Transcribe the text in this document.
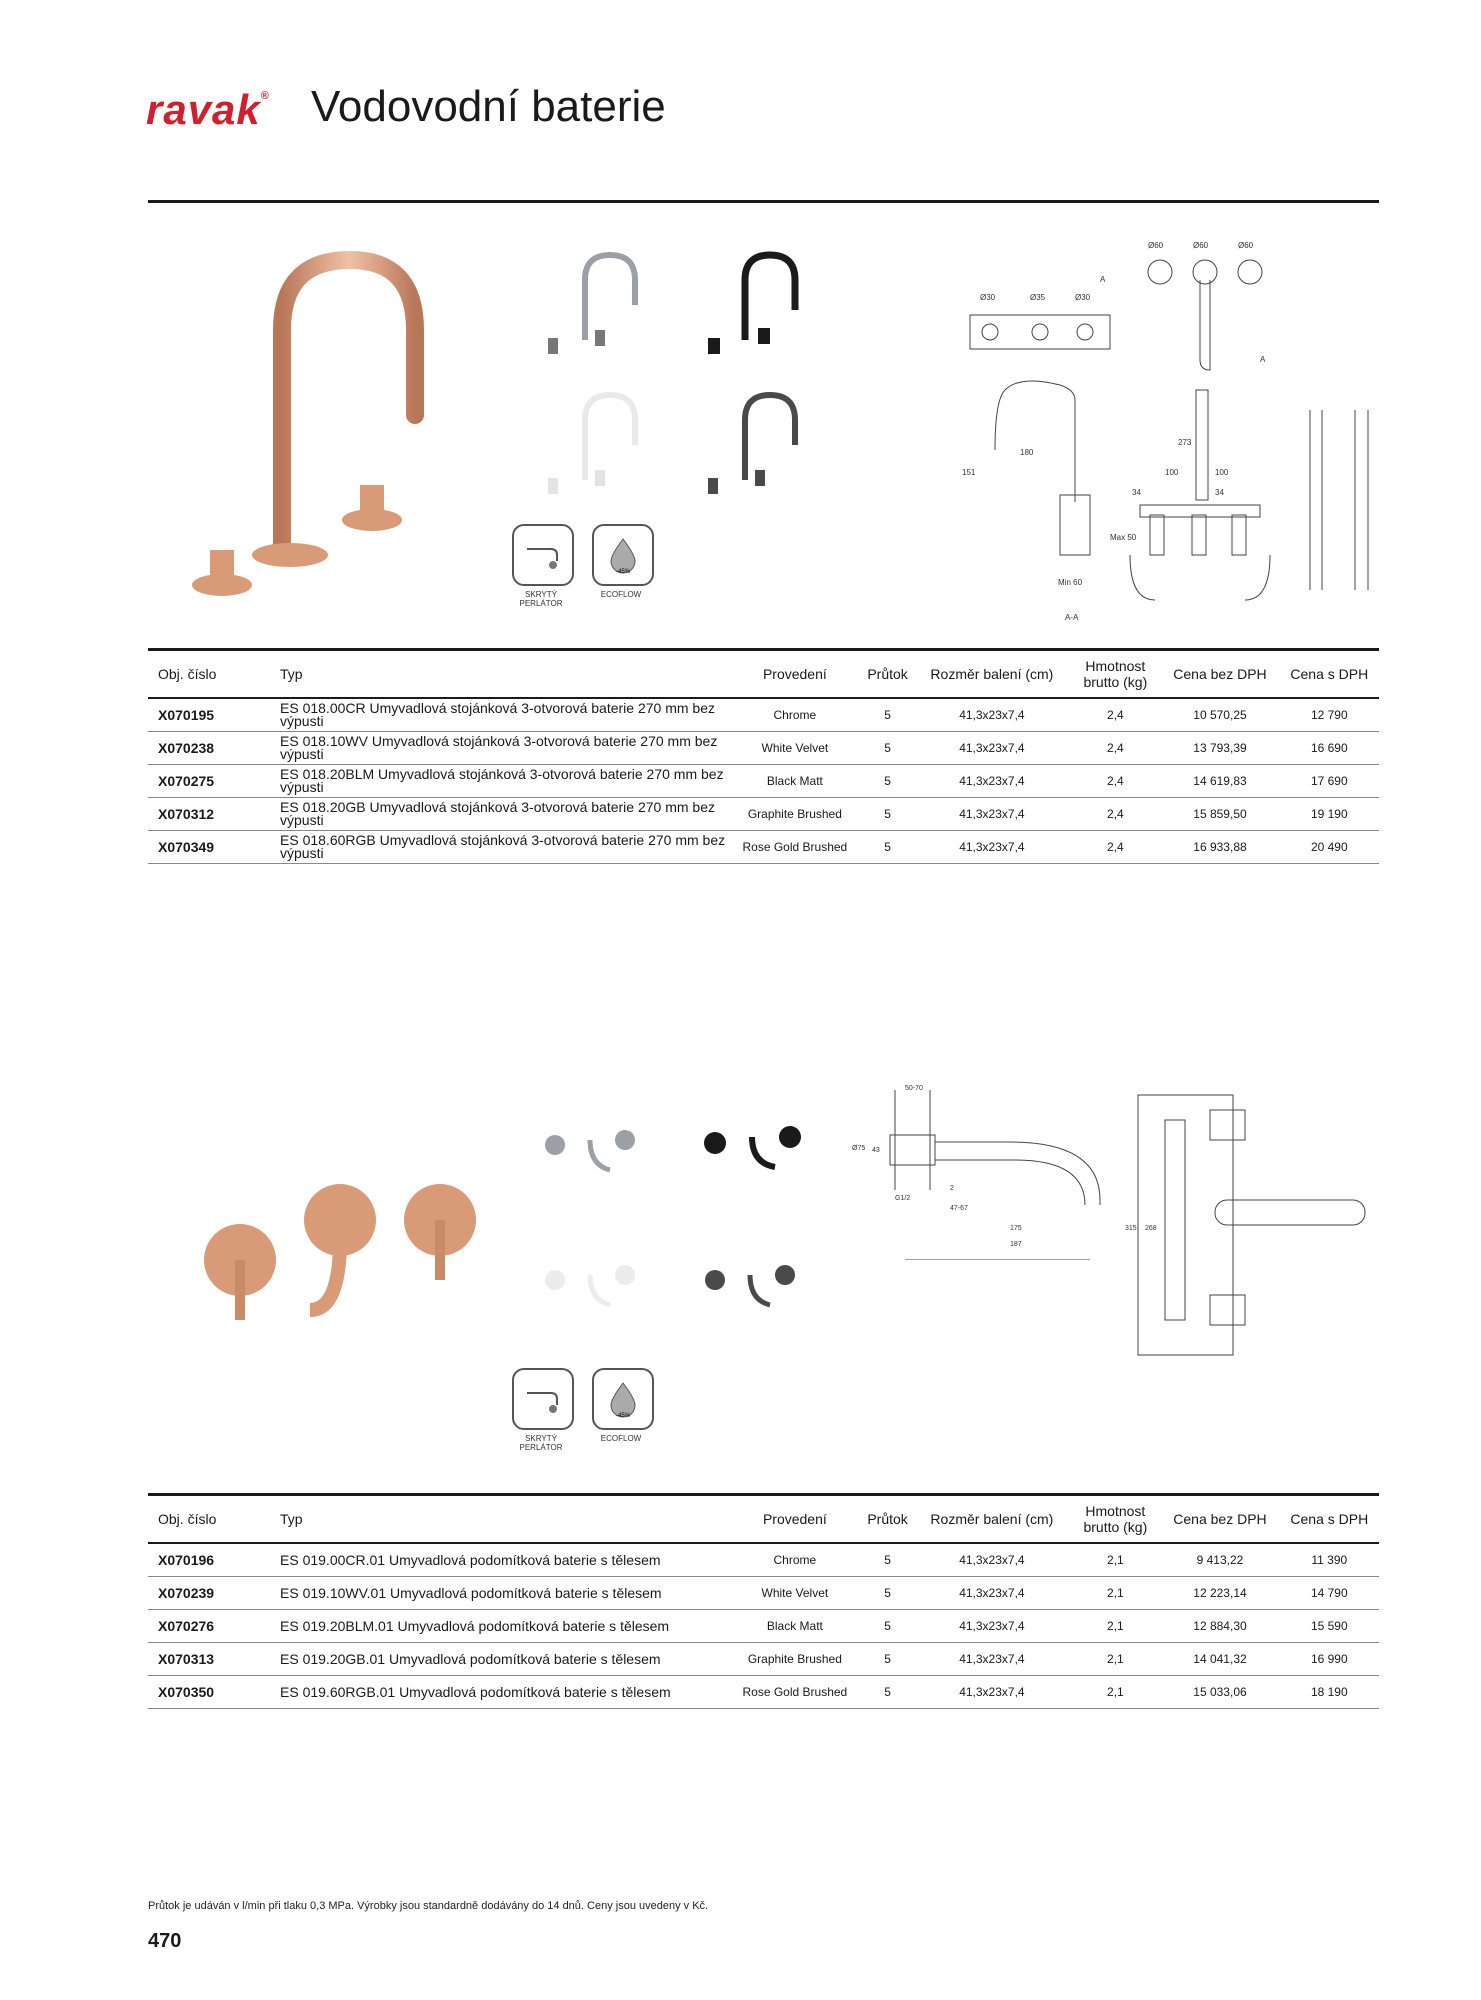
ravak® Vodovodní baterie
SKRYTÝ PERLÁTOR
-45%
ECOFLOW
Ø60	Ø60	Ø60
Ø30	Ø35	Ø30
A
A
180
151
273
100	100
34	34
Max 50
Min 60
A-A
Obj. číslo	Typ	Provedení	Průtok	Rozměr balení (cm)	Hmotnost brutto (kg)	Cena bez DPH	Cena s DPH
X070195	ES 018.00CR Umyvadlová stojánková 3-otvorová baterie 270 mm bez výpusti	Chrome	5	41,3x23x7,4	2,4	10 570,25	12 790
X070238	ES 018.10WV Umyvadlová stojánková 3-otvorová baterie 270 mm bez výpusti	White Velvet	5	41,3x23x7,4	2,4	13 793,39	16 690
X070275	ES 018.20BLM Umyvadlová stojánková 3-otvorová baterie 270 mm bez výpusti	Black Matt	5	41,3x23x7,4	2,4	14 619,83	17 690
X070312	ES 018.20GB Umyvadlová stojánková 3-otvorová baterie 270 mm bez výpusti	Graphite Brushed	5	41,3x23x7,4	2,4	15 859,50	19 190
X070349	ES 018.60RGB Umyvadlová stojánková 3-otvorová baterie 270 mm bez výpusti	Rose Gold Brushed	5	41,3x23x7,4	2,4	16 933,88	20 490
SKRYTÝ PERLÁTOR
-45%
ECOFLOW
50-70
Ø75 43
G1/2
2
47-67
175
187
315 268
Obj. číslo	Typ	Provedení	Průtok	Rozměr balení (cm)	Hmotnost brutto (kg)	Cena bez DPH	Cena s DPH
X070196	ES 019.00CR.01 Umyvadlová podomítková baterie s tělesem	Chrome	5	41,3x23x7,4	2,1	9 413,22	11 390
X070239	ES 019.10WV.01 Umyvadlová podomítková baterie s tělesem	White Velvet	5	41,3x23x7,4	2,1	12 223,14	14 790
X070276	ES 019.20BLM.01 Umyvadlová podomítková baterie s tělesem	Black Matt	5	41,3x23x7,4	2,1	12 884,30	15 590
X070313	ES 019.20GB.01 Umyvadlová podomítková baterie s tělesem	Graphite Brushed	5	41,3x23x7,4	2,1	14 041,32	16 990
X070350	ES 019.60RGB.01 Umyvadlová podomítková baterie s tělesem	Rose Gold Brushed	5	41,3x23x7,4	2,1	15 033,06	18 190
Průtok je udáván v l/min při tlaku 0,3 MPa. Výrobky jsou standardně dodávány do 14 dnů. Ceny jsou uvedeny v Kč.
470
